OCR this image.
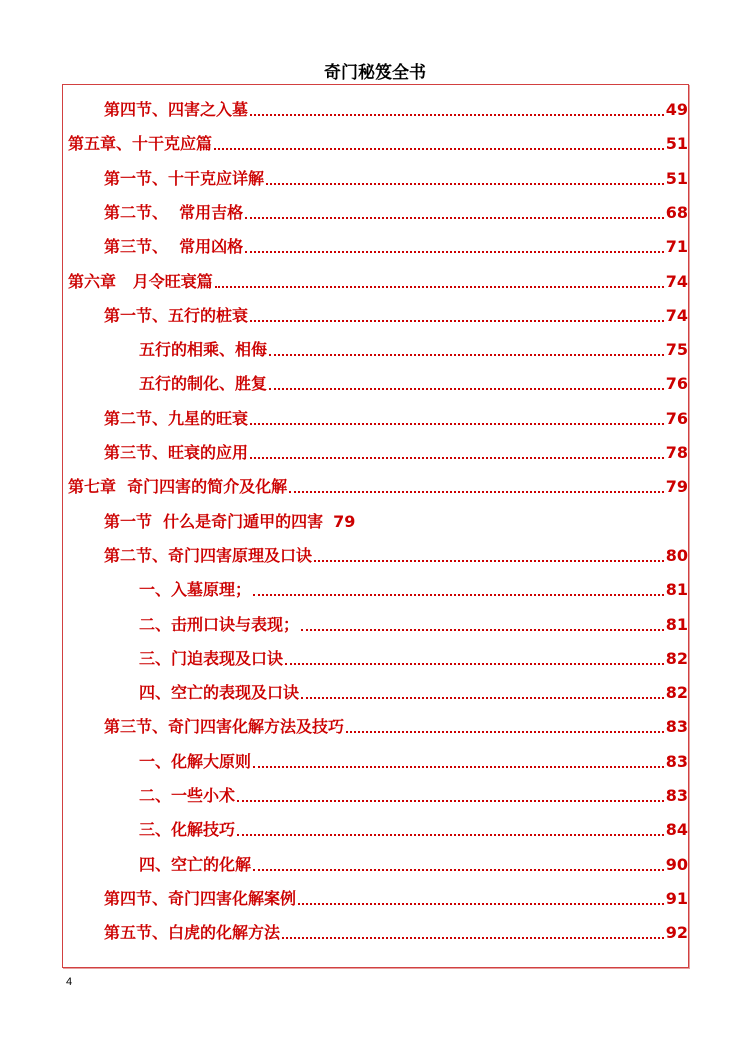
奇门秘笈全书
第四节、四害之入墓	49
第五章、十干克应篇	51
第一节、十干克应详解	51
第二节、  常用吉格	68
第三节、  常用凶格	71
第六章   月令旺衰篇	74
第一节、五行的桩衰	74
五行的相乘、相侮	75
五行的制化、胜复	76
第二节、九星的旺衰	76
第三节、旺衰的应用	78
第七章  奇门四害的简介及化解	79
第一节  什么是奇门遁甲的四害 79
第二节、奇门四害原理及口诀	80
一、入墓原理；	81
二、击刑口诀与表现；	81
三、门迫表现及口诀	82
四、空亡的表现及口诀	82
第三节、奇门四害化解方法及技巧	83
一、化解大原则	83
二、一些小术	83
三、化解技巧	84
四、空亡的化解	90
第四节、奇门四害化解案例	91
第五节、白虎的化解方法	92
4
